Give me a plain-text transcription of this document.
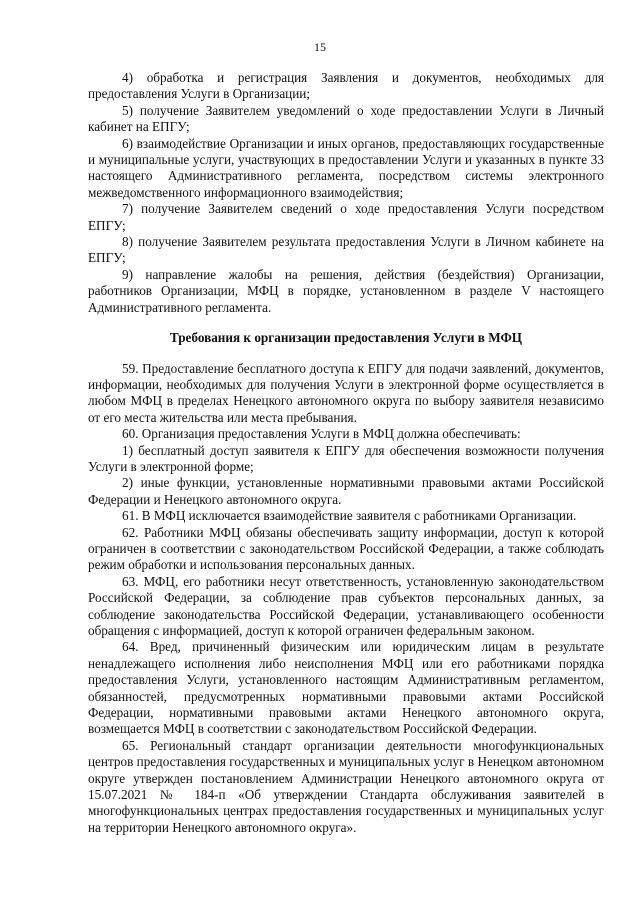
15

4) обработка и регистрация Заявления и документов, необходимых для предоставления Услуги в Организации;

5) получение Заявителем уведомлений о ходе предоставлении Услуги в Личный кабинет на ЕПГУ;

6) взаимодействие Организации и иных органов, предоставляющих государственные и муниципальные услуги, участвующих в предоставлении Услуги и указанных в пункте 33 настоящего Административного регламента, посредством системы электронного межведомственного информационного взаимодействия;

7) получение Заявителем сведений о ходе предоставления Услуги посредством ЕПГУ;

8) получение Заявителем результата предоставления Услуги в Личном кабинете на ЕПГУ;

9) направление жалобы на решения, действия (бездействия) Организации, работников Организации, МФЦ в порядке, установленном в разделе V настоящего Административного регламента.

Требования к организации предоставления Услуги в МФЦ

59. Предоставление бесплатного доступа к ЕПГУ для подачи заявлений, документов, информации, необходимых для получения Услуги в электронной форме осуществляется в любом МФЦ в пределах Ненецкого автономного округа по выбору заявителя независимо от его места жительства или места пребывания.

60. Организация предоставления Услуги в МФЦ должна обеспечивать:

1) бесплатный доступ заявителя к ЕПГУ для обеспечения возможности получения Услуги в электронной форме;

2) иные функции, установленные нормативными правовыми актами Российской Федерации и Ненецкого автономного округа.

61. В МФЦ исключается взаимодействие заявителя с работниками Организации.

62. Работники МФЦ обязаны обеспечивать защиту информации, доступ к которой ограничен в соответствии с законодательством Российской Федерации, а также соблюдать режим обработки и использования персональных данных.

63. МФЦ, его работники несут ответственность, установленную законодательством Российской Федерации, за соблюдение прав субъектов персональных данных, за соблюдение законодательства Российской Федерации, устанавливающего особенности обращения с информацией, доступ к которой ограничен федеральным законом.

64. Вред, причиненный физическим или юридическим лицам в результате ненадлежащего исполнения либо неисполнения МФЦ или его работниками порядка предоставления Услуги, установленного настоящим Административным регламентом, обязанностей, предусмотренных нормативными правовыми актами Российской Федерации, нормативными правовыми актами Ненецкого автономного округа, возмещается МФЦ в соответствии с законодательством Российской Федерации.

65. Региональный стандарт организации деятельности многофункциональных центров предоставления государственных и муниципальных услуг в Ненецком автономном округе утвержден постановлением Администрации Ненецкого автономного округа от 15.07.2021 № 184-п «Об утверждении Стандарта обслуживания заявителей в многофункциональных центрах предоставления государственных и муниципальных услуг на территории Ненецкого автономного округа».
